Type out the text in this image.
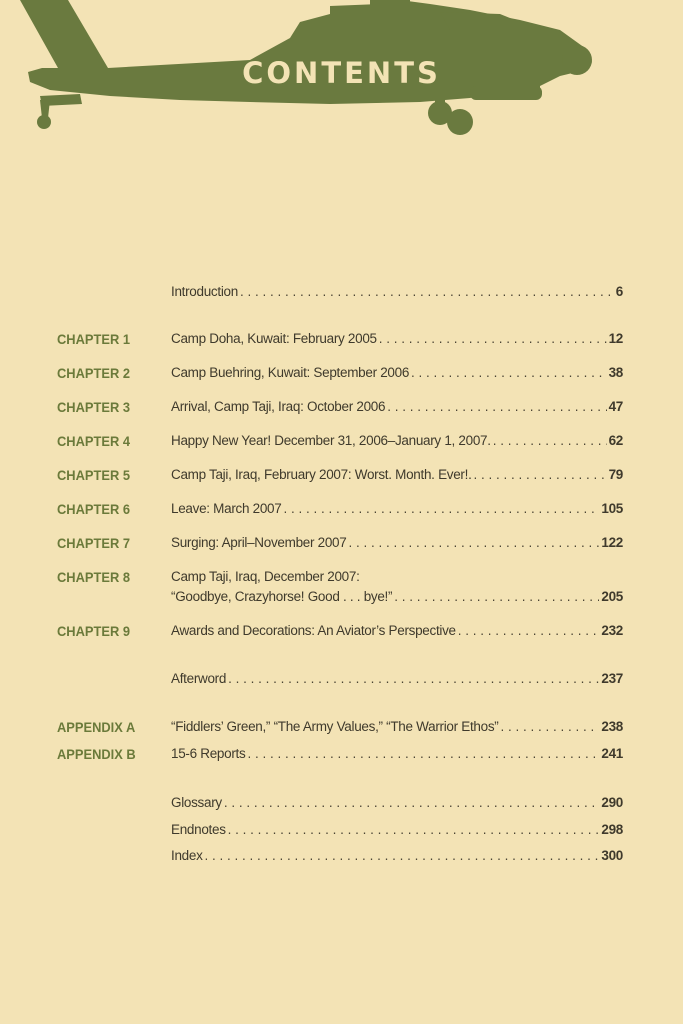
CONTENTS
Introduction . . .	6
CHAPTER 1	Camp Doha, Kuwait: February 2005 . . .	12
CHAPTER 2	Camp Buehring, Kuwait: September 2006 . . .	38
CHAPTER 3	Arrival, Camp Taji, Iraq: October 2006 . . .	47
CHAPTER 4	Happy New Year! December 31, 2006–January 1, 2007. . . .	62
CHAPTER 5	Camp Taji, Iraq, February 2007: Worst. Month. Ever!. . . .	79
CHAPTER 6	Leave: March 2007 . . .	105
CHAPTER 7	Surging: April–November 2007 . . .	122
CHAPTER 8	Camp Taji, Iraq, December 2007:
“Goodbye, Crazyhorse! Good . . . bye!” . . .	205
CHAPTER 9	Awards and Decorations: An Aviator’s Perspective . . .	232
Afterword . . .	237
APPENDIX A	“Fiddlers’ Green,” “The Army Values,” “The Warrior Ethos” . . .	238
APPENDIX B	15-6 Reports . . .	241
Glossary . . .	290
Endnotes . . .	298
Index . . .	300
